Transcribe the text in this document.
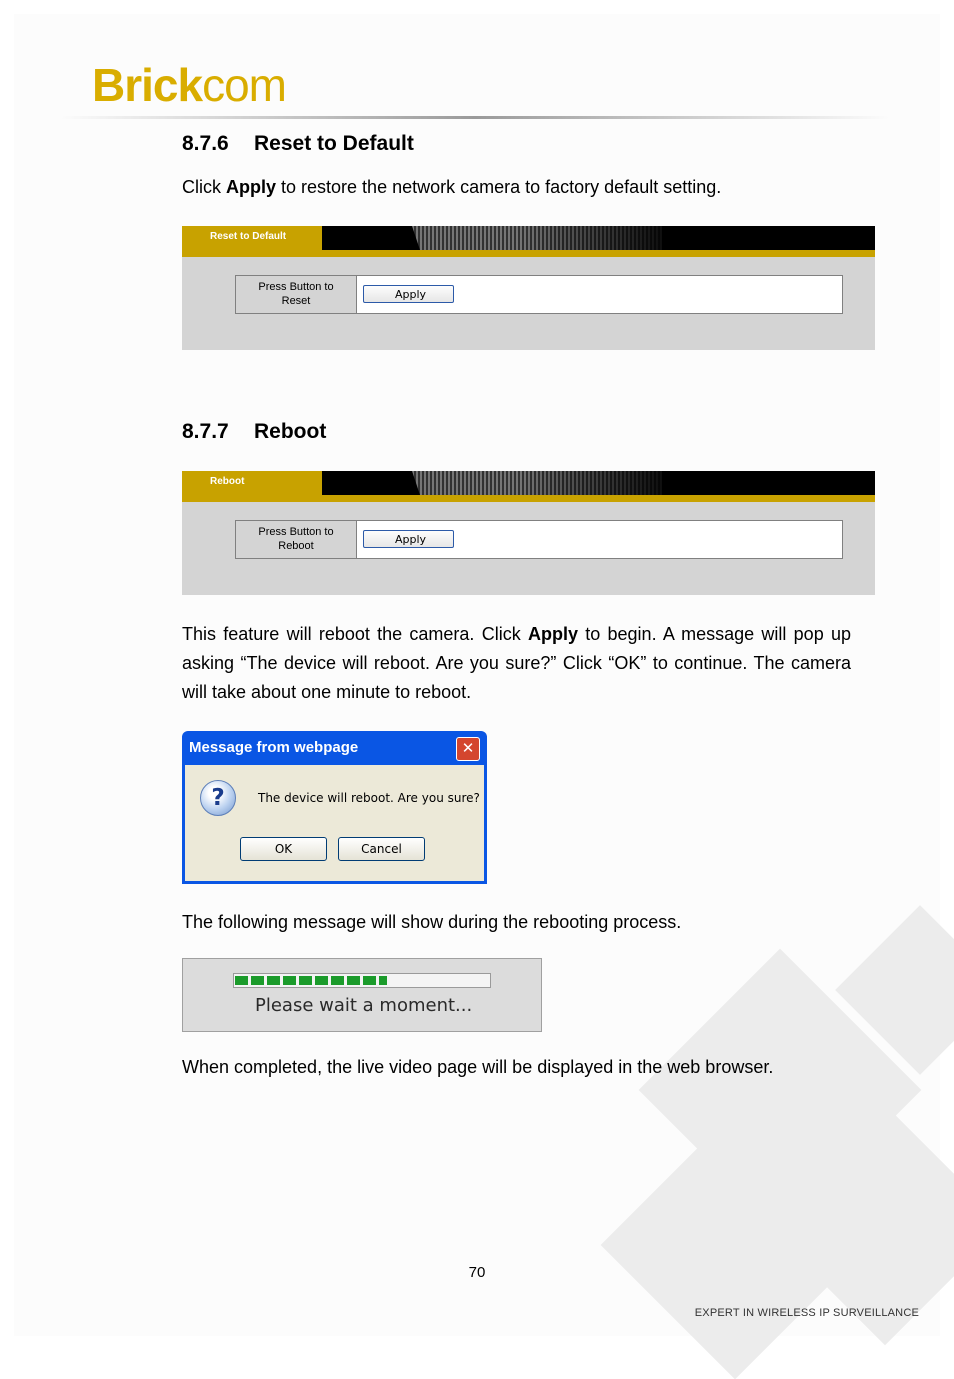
Brickcom
8.7.6 Reset to Default

Click Apply to restore the network camera to factory default setting.

Reset to Default
Press Button to
Reset	Apply
8.7.7 Reboot
Reboot
Press Button to
Reboot	Apply

This feature will reboot the camera. Click Apply to begin. A message will pop up asking “The device will reboot. Are you sure?” Click “OK” to continue. The camera will take about one minute to reboot.

Message from webpage	✕
?	The device will reboot. Are you sure?
OK	Cancel

The following message will show during the rebooting process.

Please wait a moment...

When completed, the live video page will be displayed in the web browser.

70
EXPERT IN WIRELESS IP SURVEILLANCE
